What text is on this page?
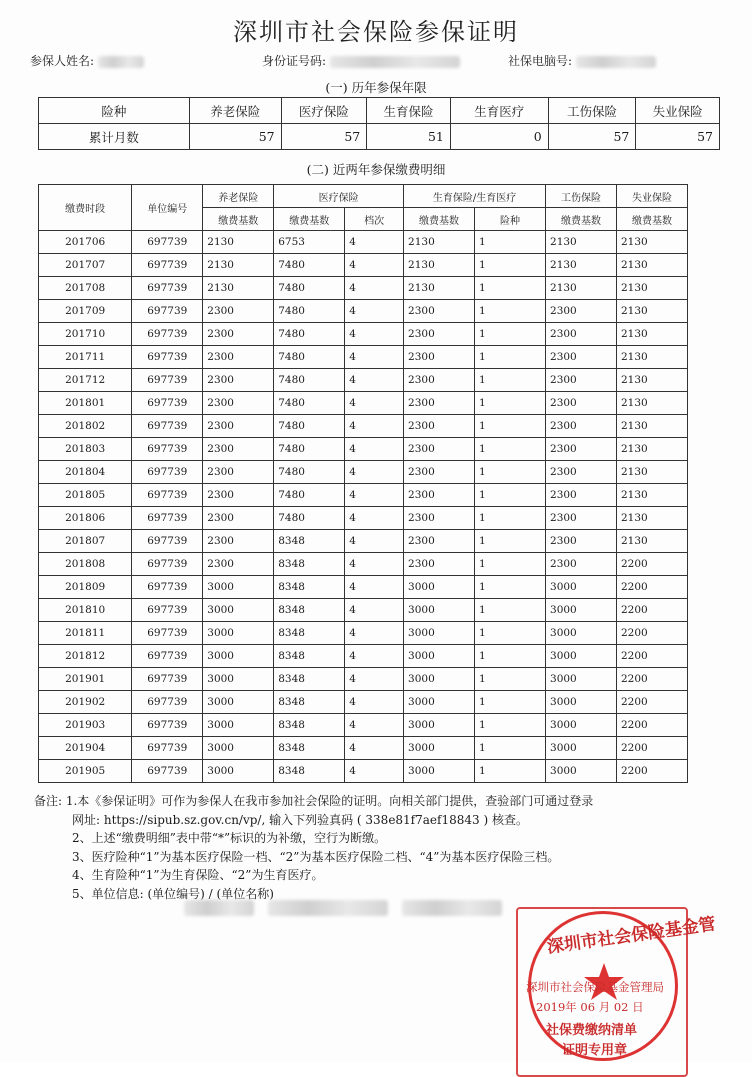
深圳市社会保险参保证明
参保人姓名:	身份证号码:	社保电脑号:
(一) 历年参保年限
险种	养老保险	医疗保险	生育保险	生育医疗	工伤保险	失业保险
累计月数	57	57	51	0	57	57
(二) 近两年参保缴费明细
缴费时段	单位编号	养老保险	医疗保险		生育保险/生育医疗		工伤保险	失业保险
		缴费基数	缴费基数	档次	缴费基数	险种	缴费基数	缴费基数
201706	697739	2130	6753	4	2130	1	2130	2130
201707	697739	2130	7480	4	2130	1	2130	2130
201708	697739	2130	7480	4	2130	1	2130	2130
201709	697739	2300	7480	4	2300	1	2300	2130
201710	697739	2300	7480	4	2300	1	2300	2130
201711	697739	2300	7480	4	2300	1	2300	2130
201712	697739	2300	7480	4	2300	1	2300	2130
201801	697739	2300	7480	4	2300	1	2300	2130
201802	697739	2300	7480	4	2300	1	2300	2130
201803	697739	2300	7480	4	2300	1	2300	2130
201804	697739	2300	7480	4	2300	1	2300	2130
201805	697739	2300	7480	4	2300	1	2300	2130
201806	697739	2300	7480	4	2300	1	2300	2130
201807	697739	2300	8348	4	2300	1	2300	2130
201808	697739	2300	8348	4	2300	1	2300	2200
201809	697739	3000	8348	4	3000	1	3000	2200
201810	697739	3000	8348	4	3000	1	3000	2200
201811	697739	3000	8348	4	3000	1	3000	2200
201812	697739	3000	8348	4	3000	1	3000	2200
201901	697739	3000	8348	4	3000	1	3000	2200
201902	697739	3000	8348	4	3000	1	3000	2200
201903	697739	3000	8348	4	3000	1	3000	2200
201904	697739	3000	8348	4	3000	1	3000	2200
201905	697739	3000	8348	4	3000	1	3000	2200
备注: 1.本《参保证明》可作为参保人在我市参加社会保险的证明。向相关部门提供，查验部门可通过登录
网址: https://sipub.sz.gov.cn/vp/, 输入下列验真码 ( 338e81f7aef18843 ) 核查。
2、上述“缴费明细”表中带“*”标识的为补缴，空行为断缴。
3、医疗险种“1”为基本医疗保险一档、“2”为基本医疗保险二档、“4”为基本医疗保险三档。
4、生育险种“1”为生育保险、“2”为生育医疗。
5、单位信息: (单位编号) / (单位名称)

深圳市社会保险基金管
深圳市社会保险基金管理局
2019年 06 月 02 日
社保费缴纳清单
证明专用章
